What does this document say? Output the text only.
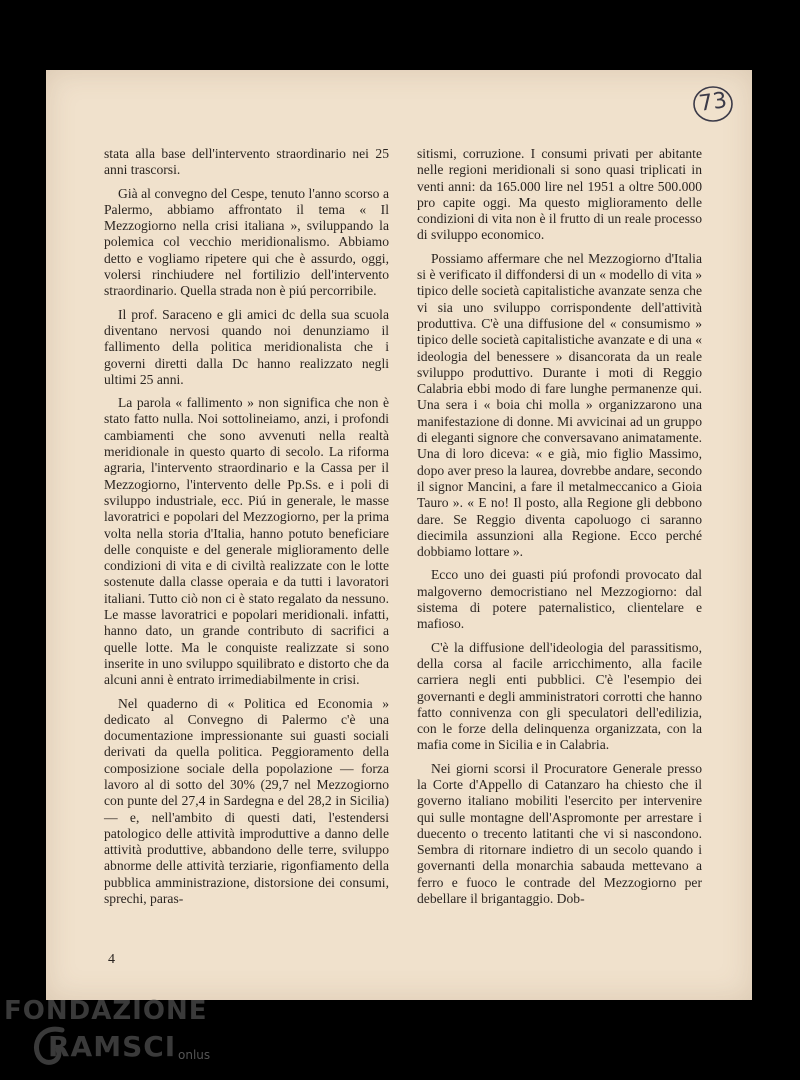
73

stata alla base dell'intervento straordinario nei 25 anni trascorsi.

Già al convegno del Cespe, tenuto l'anno scorso a Palermo, abbiamo affrontato il tema « Il Mezzogiorno nella crisi italiana », sviluppando la polemica col vecchio meridionalismo. Abbiamo detto e vogliamo ripetere qui che è assurdo, oggi, volersi rinchiudere nel fortilizio dell'intervento straordinario. Quella strada non è piú percorribile.

Il prof. Saraceno e gli amici dc della sua scuola diventano nervosi quando noi denunziamo il fallimento della politica meridionalista che i governi diretti dalla Dc hanno realizzato negli ultimi 25 anni.

La parola « fallimento » non significa che non è stato fatto nulla. Noi sottolineiamo, anzi, i profondi cambiamenti che sono avvenuti nella realtà meridionale in questo quarto di secolo. La riforma agraria, l'intervento straordinario e la Cassa per il Mezzogiorno, l'intervento delle Pp.Ss. e i poli di sviluppo industriale, ecc. Piú in generale, le masse lavoratrici e popolari del Mezzogiorno, per la prima volta nella storia d'Italia, hanno potuto beneficiare delle conquiste e del generale miglioramento delle condizioni di vita e di civiltà realizzate con le lotte sostenute dalla classe operaia e da tutti i lavoratori italiani. Tutto ciò non ci è stato regalato da nessuno. Le masse lavoratrici e popolari meridionali. infatti, hanno dato, un grande contributo di sacrifici a quelle lotte. Ma le conquiste realizzate si sono inserite in uno sviluppo squilibrato e distorto che da alcuni anni è entrato irrimediabilmente in crisi.

Nel quaderno di « Politica ed Economia » dedicato al Convegno di Palermo c'è una documentazione impressionante sui guasti sociali derivati da quella politica. Peggioramento della composizione sociale della popolazione — forza lavoro al di sotto del 30% (29,7 nel Mezzogiorno con punte del 27,4 in Sardegna e del 28,2 in Sicilia) — e, nell'ambito di questi dati, l'estendersi patologico delle attività improduttive a danno delle attività produttive, abbandono delle terre, sviluppo abnorme delle attività terziarie, rigonfiamento della pubblica amministrazione, distorsione dei consumi, sprechi, paras-

sitismi, corruzione. I consumi privati per abitante nelle regioni meridionali si sono quasi triplicati in venti anni: da 165.000 lire nel 1951 a oltre 500.000 pro capite oggi. Ma questo miglioramento delle condizioni di vita non è il frutto di un reale processo di sviluppo economico.

Possiamo affermare che nel Mezzogiorno d'Italia si è verificato il diffondersi di un « modello di vita » tipico delle società capitalistiche avanzate senza che vi sia uno sviluppo corrispondente dell'attività produttiva. C'è una diffusione del « consumismo » tipico delle società capitalistiche avanzate e di una « ideologia del benessere » disancorata da un reale sviluppo produttivo. Durante i moti di Reggio Calabria ebbi modo di fare lunghe permanenze qui. Una sera i « boia chi molla » organizzarono una manifestazione di donne. Mi avvicinai ad un gruppo di eleganti signore che conversavano animatamente. Una di loro diceva: « e già, mio figlio Massimo, dopo aver preso la laurea, dovrebbe andare, secondo il signor Mancini, a fare il metalmeccanico a Gioia Tauro ». « E no! Il posto, alla Regione gli debbono dare. Se Reggio diventa capoluogo ci saranno diecimila assunzioni alla Regione. Ecco perché dobbiamo lottare ».

Ecco uno dei guasti piú profondi provocato dal malgoverno democristiano nel Mezzogiorno: dal sistema di potere paternalistico, clientelare e mafioso.

C'è la diffusione dell'ideologia del parassitismo, della corsa al facile arricchimento, alla facile carriera negli enti pubblici. C'è l'esempio dei governanti e degli amministratori corrotti che hanno fatto connivenza con gli speculatori dell'edilizia, con le forze della delinquenza organizzata, con la mafia come in Sicilia e in Calabria.

Nei giorni scorsi il Procuratore Generale presso la Corte d'Appello di Catanzaro ha chiesto che il governo italiano mobiliti l'esercito per intervenire qui sulle montagne dell'Aspromonte per arrestare i duecento o trecento latitanti che vi si nascondono. Sembra di ritornare indietro di un secolo quando i governanti della monarchia sabauda mettevano a ferro e fuoco le contrade del Mezzogiorno per debellare il brigantaggio. Dob-

4
FONDAZIONE
RAMSCI onlus
